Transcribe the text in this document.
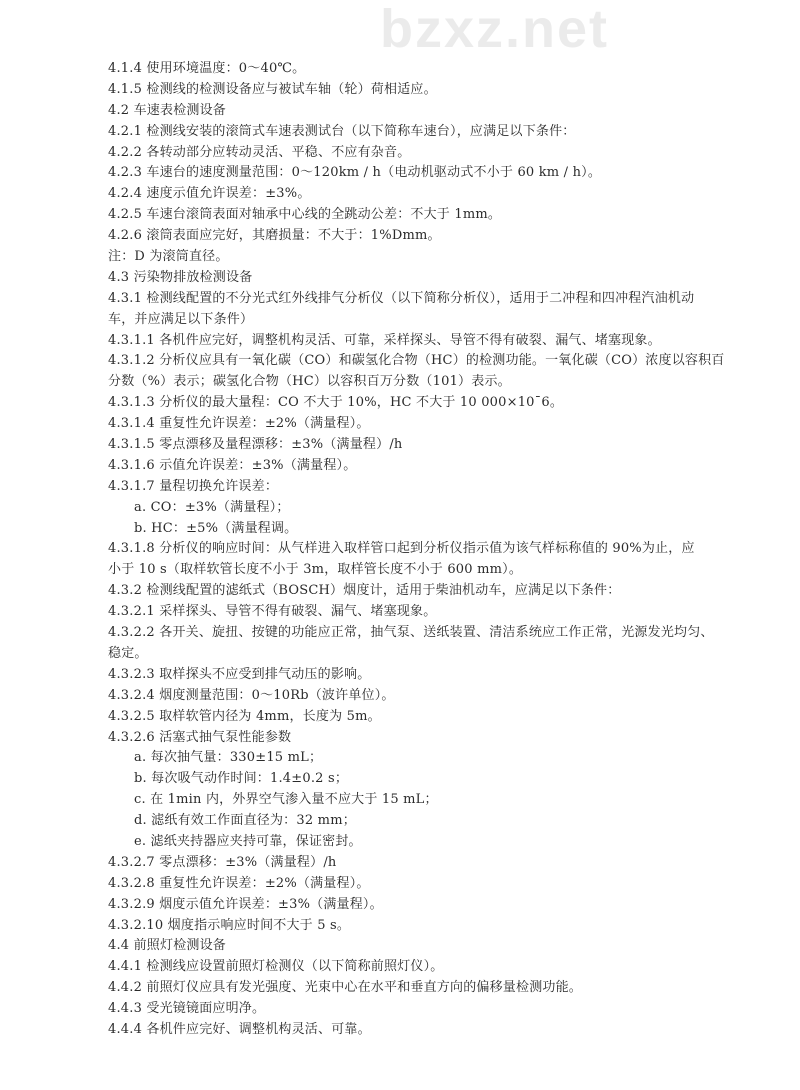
bzxz.net
4.1.4 使用环境温度：0～40℃。
4.1.5 检测线的检测设备应与被试车轴（轮）荷相适应。
4.2 车速表检测设备
4.2.1 检测线安装的滚筒式车速表测试台（以下简称车速台），应满足以下条件：
4.2.2 各转动部分应转动灵活、平稳、不应有杂音。
4.2.3 车速台的速度测量范围：0～120km / h（电动机驱动式不小于 60 km / h）。
4.2.4 速度示值允许误差：±3%。
4.2.5 车速台滚筒表面对轴承中心线的全跳动公差：不大于 1mm。
4.2.6 滚筒表面应完好，其磨损量：不大于：1%Dmm。
注：D 为滚筒直径。
4.3 污染物排放检测设备
4.3.1 检测线配置的不分光式红外线排气分析仪（以下简称分析仪），适用于二冲程和四冲程汽油机动
车，并应满足以下条件）
4.3.1.1 各机件应完好，调整机构灵活、可靠，采样探头、导管不得有破裂、漏气、堵塞现象。
4.3.1.2 分析仪应具有一氧化碳（CO）和碳氢化合物（HC）的检测功能。一氧化碳（CO）浓度以容积百
分数（%）表示；碳氢化合物（HC）以容积百万分数（101）表示。
4.3.1.3 分析仪的最大量程：CO 不大于 10%，HC 不大于 10 000×10¯6。
4.3.1.4 重复性允许误差：±2%（满量程）。
4.3.1.5 零点漂移及量程漂移：±3%（满量程）/h
4.3.1.6 示值允许误差：±3%（满量程）。
4.3.1.7 量程切换允许误差：
a. CO：±3%（满量程）；
b. HC：±5%（满量程调。
4.3.1.8 分析仪的响应时间：从气样进入取样管口起到分析仪指示值为该气样标称值的 90%为止，应
小于 10 s（取样软管长度不小于 3m，取样管长度不小于 600 mm）。
4.3.2 检测线配置的滤纸式（BOSCH）烟度计，适用于柴油机动车，应满足以下条件：
4.3.2.1 采样探头、导管不得有破裂、漏气、堵塞现象。
4.3.2.2 各开关、旋扭、按键的功能应正常，抽气泵、送纸装置、清洁系统应工作正常，光源发光均匀、
稳定。
4.3.2.3 取样探头不应受到排气动压的影响。
4.3.2.4 烟度测量范围：0～10Rb（波许单位）。
4.3.2.5 取样软管内径为 4mm，长度为 5m。
4.3.2.6 活塞式抽气泵性能参数
a. 每次抽气量：330±15 mL；
b. 每次吸气动作时间：1.4±0.2 s；
c. 在 1min 内，外界空气渗入量不应大于 15 mL；
d. 滤纸有效工作面直径为：32 mm；
e. 滤纸夹持器应夹持可靠，保证密封。
4.3.2.7 零点漂移：±3%（满量程）/h
4.3.2.8 重复性允许误差：±2%（满量程）。
4.3.2.9 烟度示值允许误差：±3%（满量程）。
4.3.2.10 烟度指示响应时间不大于 5 s。
4.4 前照灯检测设备
4.4.1 检测线应设置前照灯检测仪（以下简称前照灯仪）。
4.4.2 前照灯仪应具有发光强度、光束中心在水平和垂直方向的偏移量检测功能。
4.4.3 受光镜镜面应明净。
4.4.4 各机件应完好、调整机构灵活、可靠。
